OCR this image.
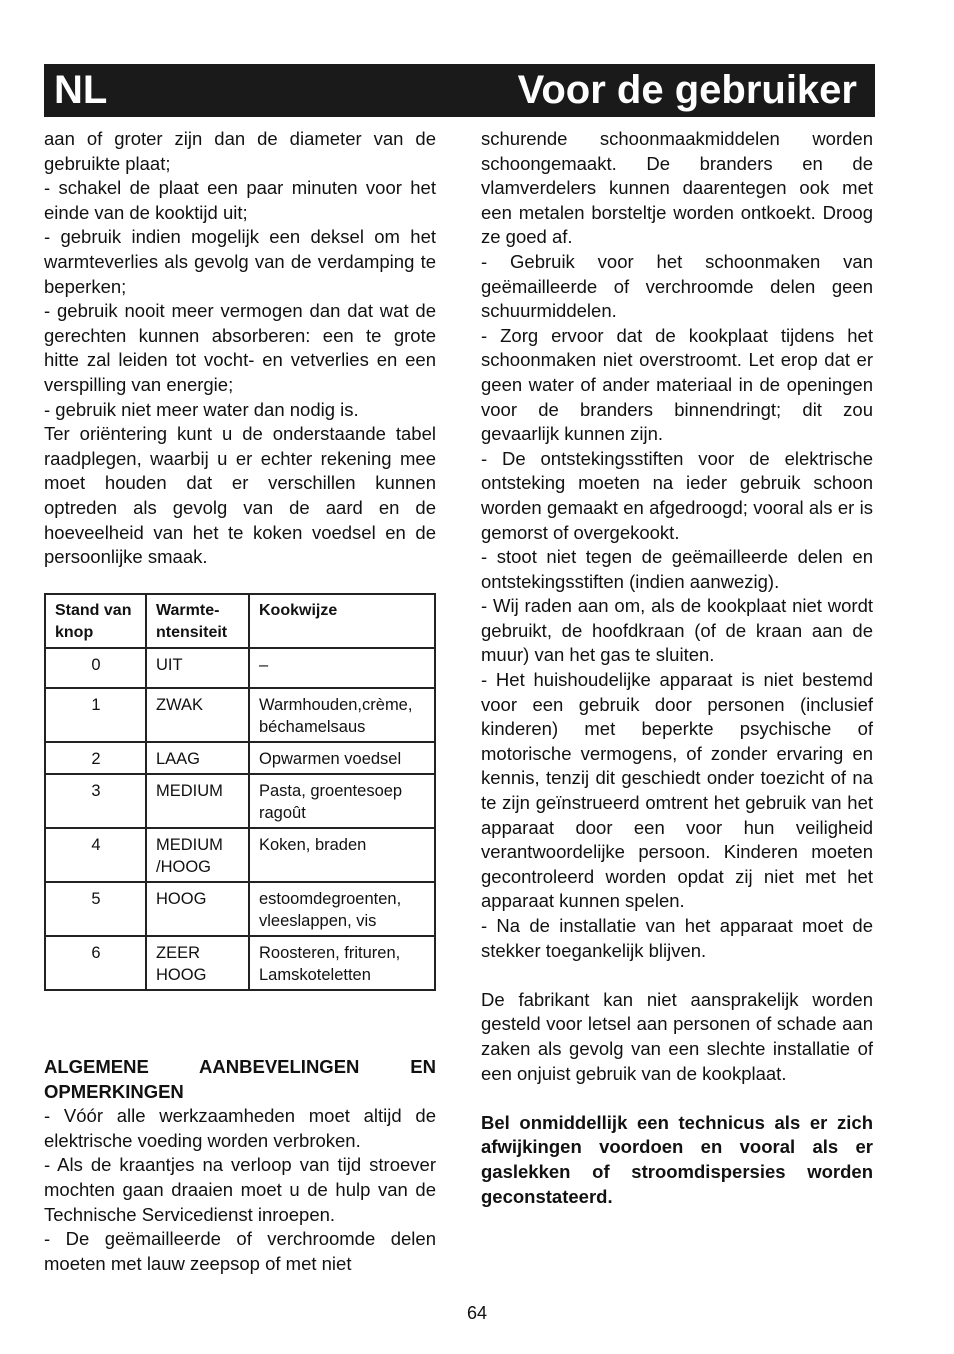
NL	Voor de gebruiker

aan of groter zijn dan de diameter van de gebruikte plaat;

- schakel de plaat een paar minuten voor het einde van de kooktijd uit;

- gebruik indien mogelijk een deksel om het warmteverlies als gevolg van de verdamping te beperken;

- gebruik nooit meer vermogen dan dat wat de gerechten kunnen absorberen: een te grote hitte zal leiden tot vocht- en vetverlies en een verspilling van energie;

- gebruik niet meer water dan nodig is.

Ter oriëntering kunt u de onderstaande tabel raadplegen, waarbij u er echter rekening mee moet houden dat er verschillen kunnen optreden als gevolg van de aard en de hoeveelheid van het te koken voedsel en de persoonlijke smaak.

Stand van knop	Warmte-ntensiteit	Kookwijze
0	UIT	–
1	ZWAK	Warmhouden,crème, béchamelsaus
2	LAAG	Opwarmen voedsel
3	MEDIUM	Pasta, groentesoep ragoût
4	MEDIUM /HOOG	Koken, braden
5	HOOG	estoomdegroenten, vleeslappen, vis
6	ZEER HOOG	Roosteren, frituren, Lamskoteletten

ALGEMENE AANBEVELINGEN EN OPMERKINGEN

- Vóór alle werkzaamheden moet altijd de elektrische voeding worden verbroken.

- Als de kraantjes na verloop van tijd stroever mochten gaan draaien moet u de hulp van de Technische Servicedienst inroepen.

- De geëmailleerde of verchroomde delen moeten met lauw zeepsop of met niet

schurende schoonmaakmiddelen worden schoongemaakt. De branders en de vlamverdelers kunnen daarentegen ook met een metalen borsteltje worden ontkoekt. Droog ze goed af.

- Gebruik voor het schoonmaken van geëmailleerde of verchroomde delen geen schuurmiddelen.

- Zorg ervoor dat de kookplaat tijdens het schoonmaken niet overstroomt. Let erop dat er geen water of ander materiaal in de openingen voor de branders binnendringt; dit zou gevaarlijk kunnen zijn.

- De ontstekingsstiften voor de elektrische ontsteking moeten na ieder gebruik schoon worden gemaakt en afgedroogd; vooral als er is gemorst of overgekookt.

- stoot niet tegen de geëmailleerde delen en ontstekingsstiften (indien aanwezig).

- Wij raden aan om, als de kookplaat niet wordt gebruikt, de hoofdkraan (of de kraan aan de muur) van het gas te sluiten.

- Het huishoudelijke apparaat is niet bestemd voor een gebruik door personen (inclusief kinderen) met beperkte psychische of motorische vermogens, of zonder ervaring en kennis, tenzij dit geschiedt onder toezicht of na te zijn geïnstrueerd omtrent het gebruik van het apparaat door een voor hun veiligheid verantwoordelijke persoon. Kinderen moeten gecontroleerd worden opdat zij niet met het apparaat kunnen spelen.

- Na de installatie van het apparaat moet de stekker toegankelijk blijven.

De fabrikant kan niet aansprakelijk worden gesteld voor letsel aan personen of schade aan zaken als gevolg van een slechte installatie of een onjuist gebruik van de kookplaat.

Bel onmiddellijk een technicus als er zich afwijkingen voordoen en vooral als er gaslekken of stroomdispersies worden geconstateerd.

64
